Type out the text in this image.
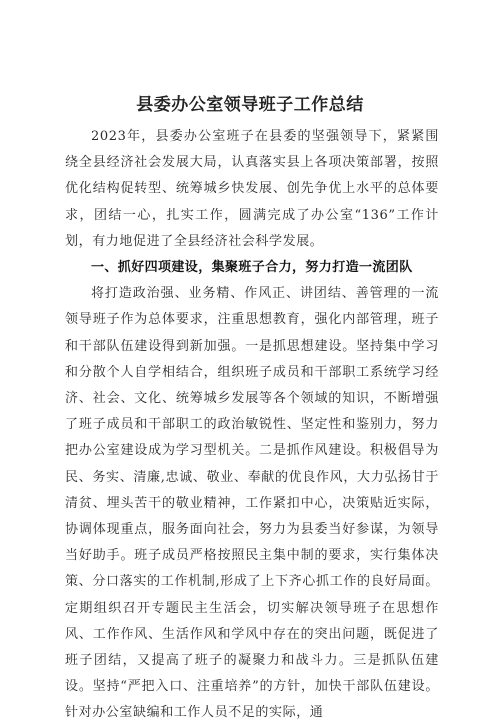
县委办公室领导班子工作总结

2023年，县委办公室班子在县委的坚强领导下，紧紧围绕全县经济社会发展大局，认真落实县上各项决策部署，按照优化结构促转型、统筹城乡快发展、创先争优上水平的总体要求，团结一心，扎实工作，圆满完成了办公室“136”工作计划，有力地促进了全县经济社会科学发展。

一、抓好四项建设，集聚班子合力，努力打造一流团队

将打造政治强、业务精、作风正、讲团结、善管理的一流领导班子作为总体要求，注重思想教育，强化内部管理，班子和干部队伍建设得到新加强。一是抓思想建设。坚持集中学习和分散个人自学相结合，组织班子成员和干部职工系统学习经济、社会、文化、统筹城乡发展等各个领域的知识，不断增强了班子成员和干部职工的政治敏锐性、坚定性和鉴别力，努力把办公室建设成为学习型机关。二是抓作风建设。积极倡导为民、务实、清廉,忠诚、敬业、奉献的优良作风，大力弘扬甘于清贫、埋头苦干的敬业精神，工作紧扣中心，决策贴近实际，协调体现重点，服务面向社会，努力为县委当好参谋，为领导当好助手。班子成员严格按照民主集中制的要求，实行集体决策、分口落实的工作机制,形成了上下齐心抓工作的良好局面。定期组织召开专题民主生活会，切实解决领导班子在思想作风、工作作风、生活作风和学风中存在的突出问题，既促进了班子团结，又提高了班子的凝聚力和战斗力。三是抓队伍建设。坚持“严把入口、注重培养”的方针，加快干部队伍建设。针对办公室缺编和工作人员不足的实际，通
